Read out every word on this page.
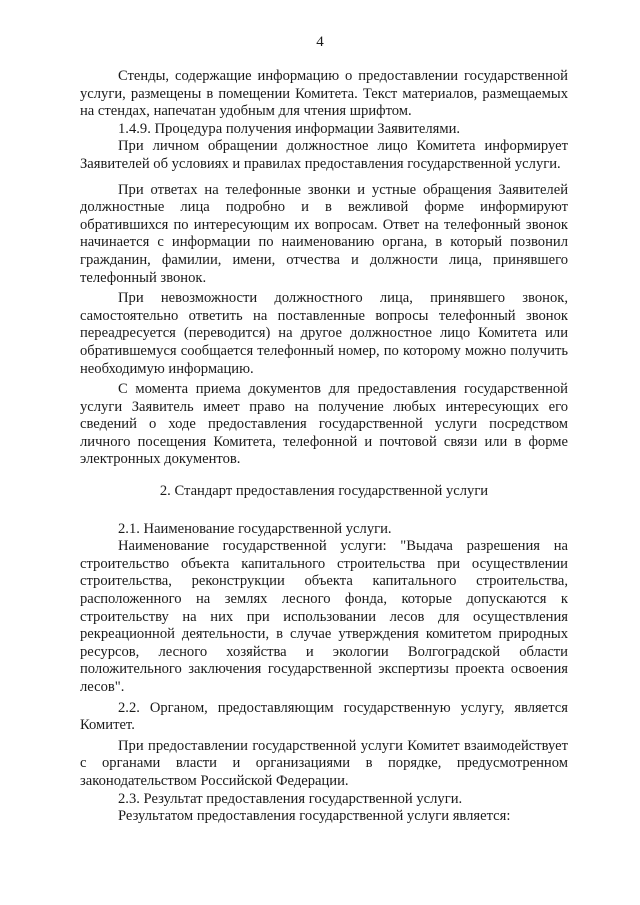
4

Стенды, содержащие информацию о предоставлении государственной услуги, размещены в помещении Комитета. Текст материалов, размещаемых на стендах, напечатан удобным для чтения шрифтом.

1.4.9. Процедура получения информации Заявителями.

При личном обращении должностное лицо Комитета информирует Заявителей об условиях и правилах предоставления государственной услуги.

При ответах на телефонные звонки и устные обращения Заявителей должностные лица подробно и в вежливой форме информируют обратившихся по интересующим их вопросам. Ответ на телефонный звонок начинается с информации по наименованию органа, в который позвонил гражданин, фамилии, имени, отчества и должности лица, принявшего телефонный звонок.

При невозможности должностного лица, принявшего звонок, самостоятельно ответить на поставленные вопросы телефонный звонок переадресуется (переводится) на другое должностное лицо Комитета или обратившемуся сообщается телефонный номер, по которому можно получить необходимую информацию.

С момента приема документов для предоставления государственной услуги Заявитель имеет право на получение любых интересующих его сведений о ходе предоставления государственной услуги посредством личного посещения Комитета, телефонной и почтовой связи или в форме электронных документов.

2. Стандарт предоставления государственной услуги

2.1. Наименование государственной услуги.

Наименование государственной услуги: "Выдача разрешения на строительство объекта капитального строительства при осуществлении строительства, реконструкции объекта капитального строительства, расположенного на землях лесного фонда, которые допускаются к строительству на них при использовании лесов для осуществления рекреационной деятельности, в случае утверждения комитетом природных ресурсов, лесного хозяйства и экологии Волгоградской области положительного заключения государственной экспертизы проекта освоения лесов".

2.2. Органом, предоставляющим государственную услугу, является Комитет.

При предоставлении государственной услуги Комитет взаимодействует с органами власти и организациями в порядке, предусмотренном законодательством Российской Федерации.

2.3. Результат предоставления государственной услуги.

Результатом предоставления государственной услуги является:
